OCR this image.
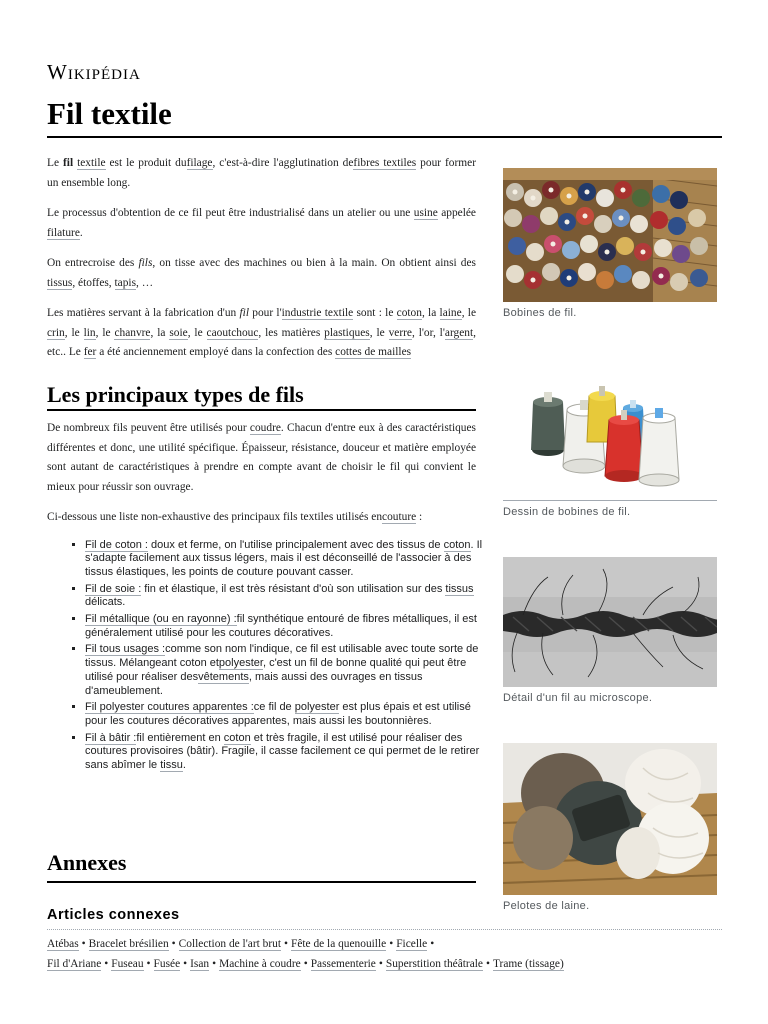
Wikipédia
Fil textile

Le fil textile est le produit dufilage, c'est-à-dire l'agglutination defibres textiles pour former un ensemble long.

Le processus d'obtention de ce fil peut être industrialisé dans un atelier ou une usine appelée filature.

On entrecroise des fils, on tisse avec des machines ou bien à la main. On obtient ainsi des tissus, étoffes, tapis, …

Les matières servant à la fabrication d'un fil pour l'industrie textile sont : le coton, la laine, le crin, le lin, le chanvre, la soie, le caoutchouc, les matières plastiques, le verre, l'or, l'argent, etc.. Le fer a été anciennement employé dans la confection des cottes de mailles

Les principaux types de fils

De nombreux fils peuvent être utilisés pour coudre. Chacun d'entre eux à des caractéristiques différentes et donc, une utilité spécifique. Épaisseur, résistance, douceur et matière employée sont autant de caractéristiques à prendre en compte avant de choisir le fil qui convient le mieux pour réussir son ouvrage.

Ci-dessous une liste non-exhaustive des principaux fils textiles utilisés encouture :

▪ Fil de coton : doux et ferme, on l'utilise principalement avec des tissus de coton. Il s'adapte facilement aux tissus légers, mais il est déconseillé de l'associer à des tissus élastiques, les points de couture pouvant casser.
▪ Fil de soie : fin et élastique, il est très résistant d'où son utilisation sur des tissus délicats.
▪ Fil métallique (ou en rayonne) :fil synthétique entouré de fibres métalliques, il est généralement utilisé pour les coutures décoratives.
▪ Fil tous usages :comme son nom l'indique, ce fil est utilisable avec toute sorte de tissus. Mélangeant coton etpolyester, c'est un fil de bonne qualité qui peut être utilisé pour réaliser desvêtements, mais aussi des ouvrages en tissus d'ameublement.
▪ Fil polyester coutures apparentes :ce fil de polyester est plus épais et est utilisé pour les coutures décoratives apparentes, mais aussi les boutonnières.
▪ Fil à bâtir :fil entièrement en coton et très fragile, il est utilisé pour réaliser des coutures provisoires (bâtir). Fragile, il casse facilement ce qui permet de le retirer sans abîmer le tissu.
Annexes
Articles connexes
Atébas • Bracelet brésilien • Collection de l'art brut • Fête de la quenouille • Ficelle •
Fil d'Ariane • Fuseau • Fusée • Isan • Machine à coudre • Passementerie • Superstition théâtrale • Trame (tissage)
Bobines de fil.
Dessin de bobines de fil.
Détail d'un fil au microscope.
Pelotes de laine.
